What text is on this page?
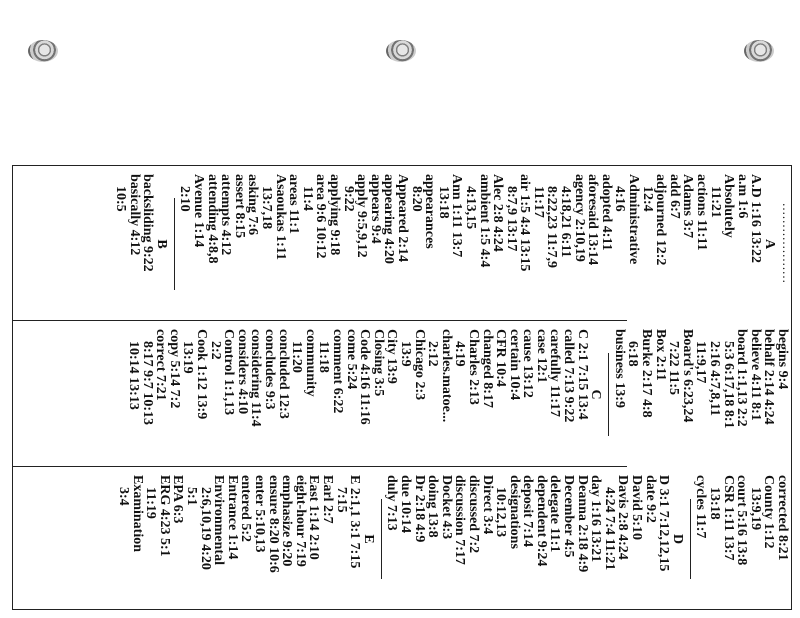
...................
A
A.D 1:16 13:22
a.m 1:6
Absolutely
11:21
actions 11:11
Adams 3:7
add 6:7
adjourned 12:2
12:4
Administrative
4:16
adopted 4:11
aforesaid 13:14
agency 2:10,19
4:18,21 6:11
8:22,23 11:7,9
11:17
air 1:5 4:4 13:15
8:7,9 13:17
Alec 2:8 4:24
ambient 1:5 4:4
4:13,15
Ann 1:11 13:7
13:18
appearances
8:20
Appeared 2:14
appearing 4:20
appears 9:4
apply 9:5,9,12
9:22
applying 9:18
area 9:6 10:12
11:4
areas 11:1
Asaoukas 1:11
13:7,18
asking 7:6
assert 8:15
attempts 4:12
attending 4:8,8
Avenue 1:14
2:10
B
backsliding 9:22
basically 4:12
10:5
begins 9:4
behalf 2:14 4:24
believe 4:11 8:1
board 1:1,13 2:2
5:3 6:17,18 8:1
2:16 4:7,8,11
11:9,17
Board's 6:23,24
7:22 11:5
Box 2:11
Burke 2:17 4:8
6:18
business 13:9
C
C 2:1 7:15 13:4
called 7:13 9:22
carefully 11:17
case 12:1
cause 13:12
certain 10:4
CFR 10:4
changed 8:17
Charles 2:13
4:19
charles.matoe...
2:12
Chicago 2:3
13:9
City 13:9
Closing 3:5
Code 4:16 11:16
come 5:24
comment 6:22
11:18
community
11:20
concluded 12:3
concludes 9:3
considering 11:4
considers 4:10
Control 1:1,13
2:2
Cook 1:12 13:9
13:19
copy 5:14 7:2
correct 7:21
8:17 9:7 10:13
10:14 13:13
corrected 8:21
County 1:12
13:9,19
court 5:16 13:8
CSR 1:11 13:7
13:18
cycles 11:7
D
D 3:1 7:12,12,15
date 9:2
David 5:10
Davis 2:8 4:24
4:24 7:4 11:21
day 1:16 13:21
Deanna 2:18 4:9
December 4:5
delegate 11:1
dependent 9:24
deposit 7:14
designations
10:12,13
Direct 3:4
discussed 7:2
discussion 7:17
Docket 4:3
doing 13:8
Dr 2:18 4:9
due 10:14
duly 7:13
E
E 2:1,1 3:1 7:15
7:15
Earl 2:7
East 1:14 2:10
eight-hour 7:19
emphasize 9:20
ensure 8:20 10:6
enter 5:10,13
entered 5:2
Entrance 1:14
Environmental
2:6,10,19 4:20
5:1
EPA 6:3
ERG 4:23 5:1
11:19
Examination
3:4
